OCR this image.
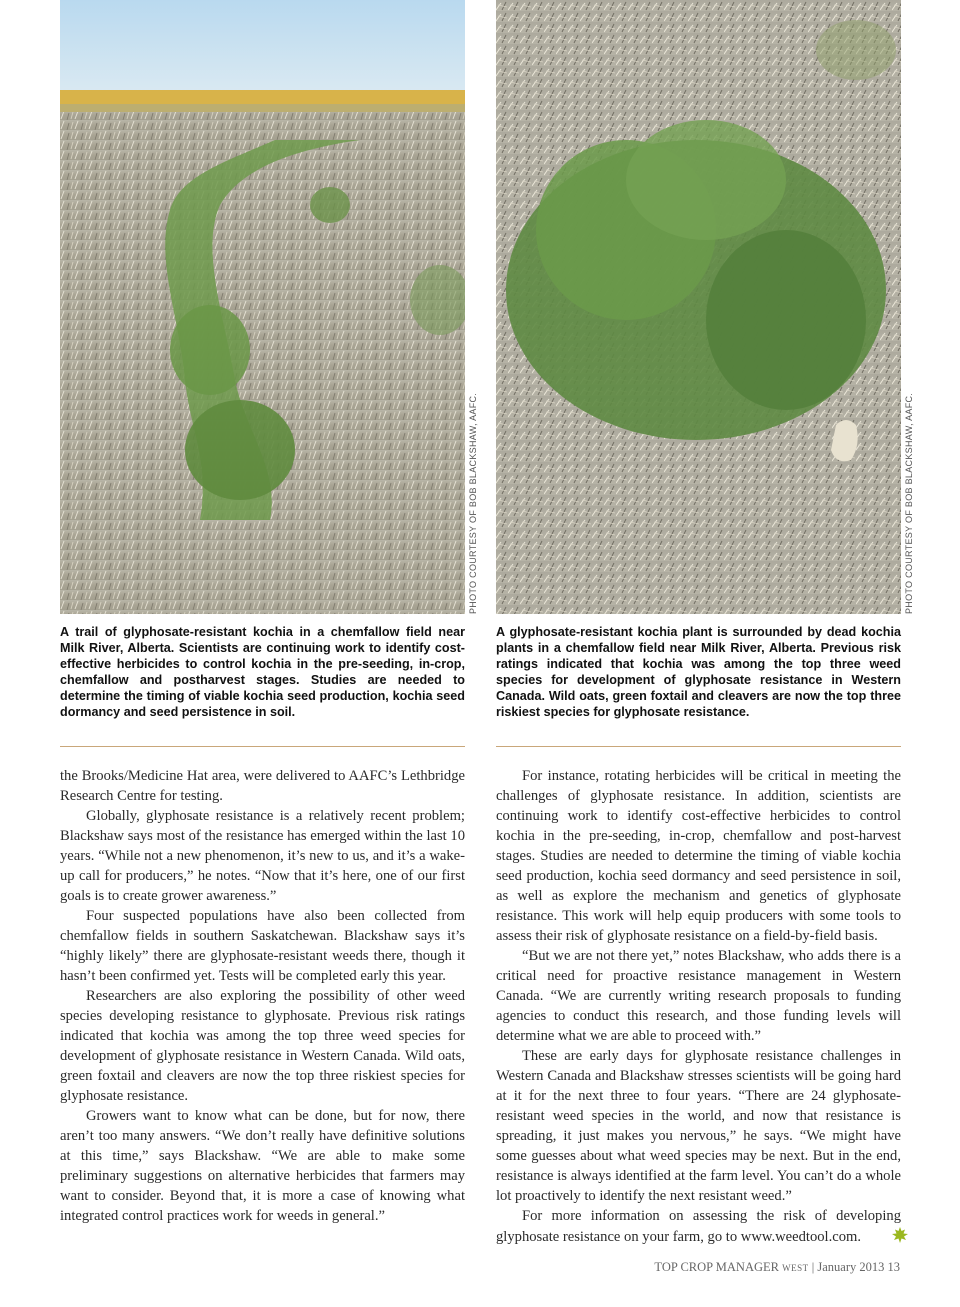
PHOTO COURTESY OF BOB BLACKSHAW, AAFC.	PHOTO COURTESY OF BOB BLACKSHAW, AAFC.

A trail of glyphosate-resistant kochia in a chemfallow field near Milk River, Alberta. Scientists are continuing work to identify cost-effective herbicides to control kochia in the pre-seeding, in-crop, chemfallow and postharvest stages. Studies are needed to determine the timing of viable kochia seed production, kochia seed dormancy and seed persistence in soil.

A glyphosate-resistant kochia plant is surrounded by dead kochia plants in a chemfallow field near Milk River, Alberta. Previous risk ratings indicated that kochia was among the top three weed species for development of glyphosate resistance in Western Canada. Wild oats, green foxtail and cleavers are now the top three riskiest species for glyphosate resistance.

the Brooks/Medicine Hat area, were delivered to AAFC’s Lethbridge Research Centre for testing.

Globally, glyphosate resistance is a relatively recent problem; Blackshaw says most of the resistance has emerged within the last 10 years. “While not a new phenomenon, it’s new to us, and it’s a wake-up call for producers,” he notes. “Now that it’s here, one of our first goals is to create grower awareness.”

Four suspected populations have also been collected from chemfallow fields in southern Saskatchewan. Blackshaw says it’s “highly likely” there are glyphosate-resistant weeds there, though it hasn’t been confirmed yet. Tests will be completed early this year.

Researchers are also exploring the possibility of other weed species developing resistance to glyphosate. Previous risk ratings indicated that kochia was among the top three weed species for development of glyphosate resistance in Western Canada. Wild oats, green foxtail and cleavers are now the top three riskiest species for glyphosate resistance.

Growers want to know what can be done, but for now, there aren’t too many answers. “We don’t really have definitive solutions at this time,” says Blackshaw. “We are able to make some preliminary suggestions on alternative herbicides that farmers may want to consider. Beyond that, it is more a case of knowing what integrated control practices work for weeds in general.”

For instance, rotating herbicides will be critical in meeting the challenges of glyphosate resistance. In addition, scientists are continuing work to identify cost-effective herbicides to control kochia in the pre-seeding, in-crop, chemfallow and post-harvest stages. Studies are needed to determine the timing of viable kochia seed production, kochia seed dormancy and seed persistence in soil, as well as explore the mechanism and genetics of glyphosate resistance. This work will help equip producers with some tools to assess their risk of glyphosate resistance on a field-by-field basis.

“But we are not there yet,” notes Blackshaw, who adds there is a critical need for proactive resistance management in Western Canada. “We are currently writing research proposals to funding agencies to conduct this research, and those funding levels will determine what we are able to proceed with.”

These are early days for glyphosate resistance challenges in Western Canada and Blackshaw stresses scientists will be going hard at it for the next three to four years. “There are 24 glyphosate-resistant weed species in the world, and now that resistance is spreading, it just makes you nervous,” he says. “We might have some guesses about what weed species may be next. But in the end, resistance is always identified at the farm level. You can’t do a whole lot proactively to identify the next resistant weed.”

For more information on assessing the risk of developing glyphosate resistance on your farm, go to www.weedtool.com.

TOP CROP MANAGER WEST | January 2013 13
